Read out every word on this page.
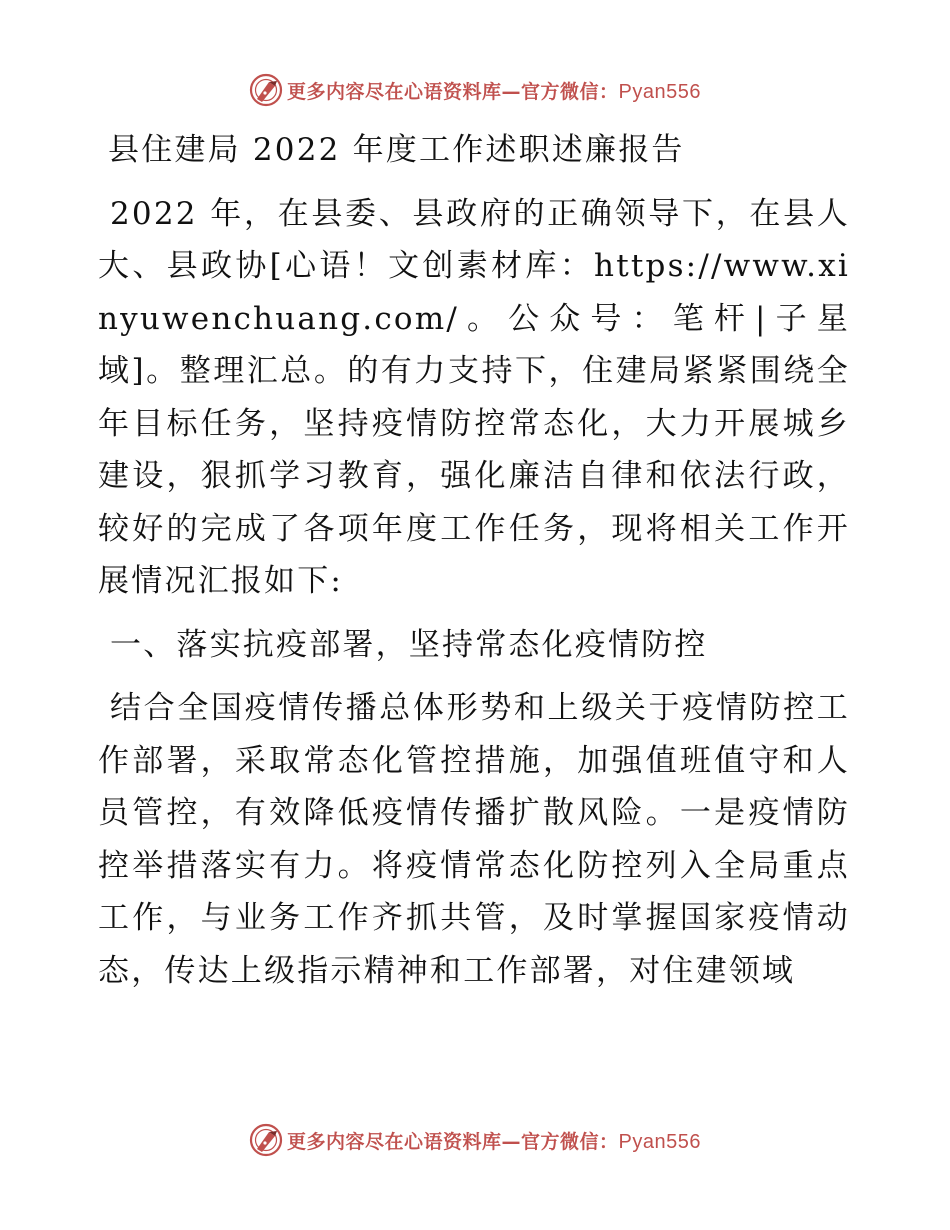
更多内容尽在心语资料库—官方微信：Pyan556

县住建局 2022 年度工作述职述廉报告

2022 年，在县委、县政府的正确领导下，在县人大、县政协[心语！文创素材库：https://www.xinyuwenchuang.com/。公众号：笔杆|子星域]。整理汇总。的有力支持下，住建局紧紧围绕全年目标任务，坚持疫情防控常态化，大力开展城乡建设，狠抓学习教育，强化廉洁自律和依法行政，较好的完成了各项年度工作任务，现将相关工作开展情况汇报如下:

一、落实抗疫部署，坚持常态化疫情防控

结合全国疫情传播总体形势和上级关于疫情防控工作部署，采取常态化管控措施，加强值班值守和人员管控，有效降低疫情传播扩散风险。一是疫情防控举措落实有力。将疫情常态化防控列入全局重点工作，与业务工作齐抓共管，及时掌握国家疫情动态，传达上级指示精神和工作部署，对住建领域

更多内容尽在心语资料库—官方微信：Pyan556
